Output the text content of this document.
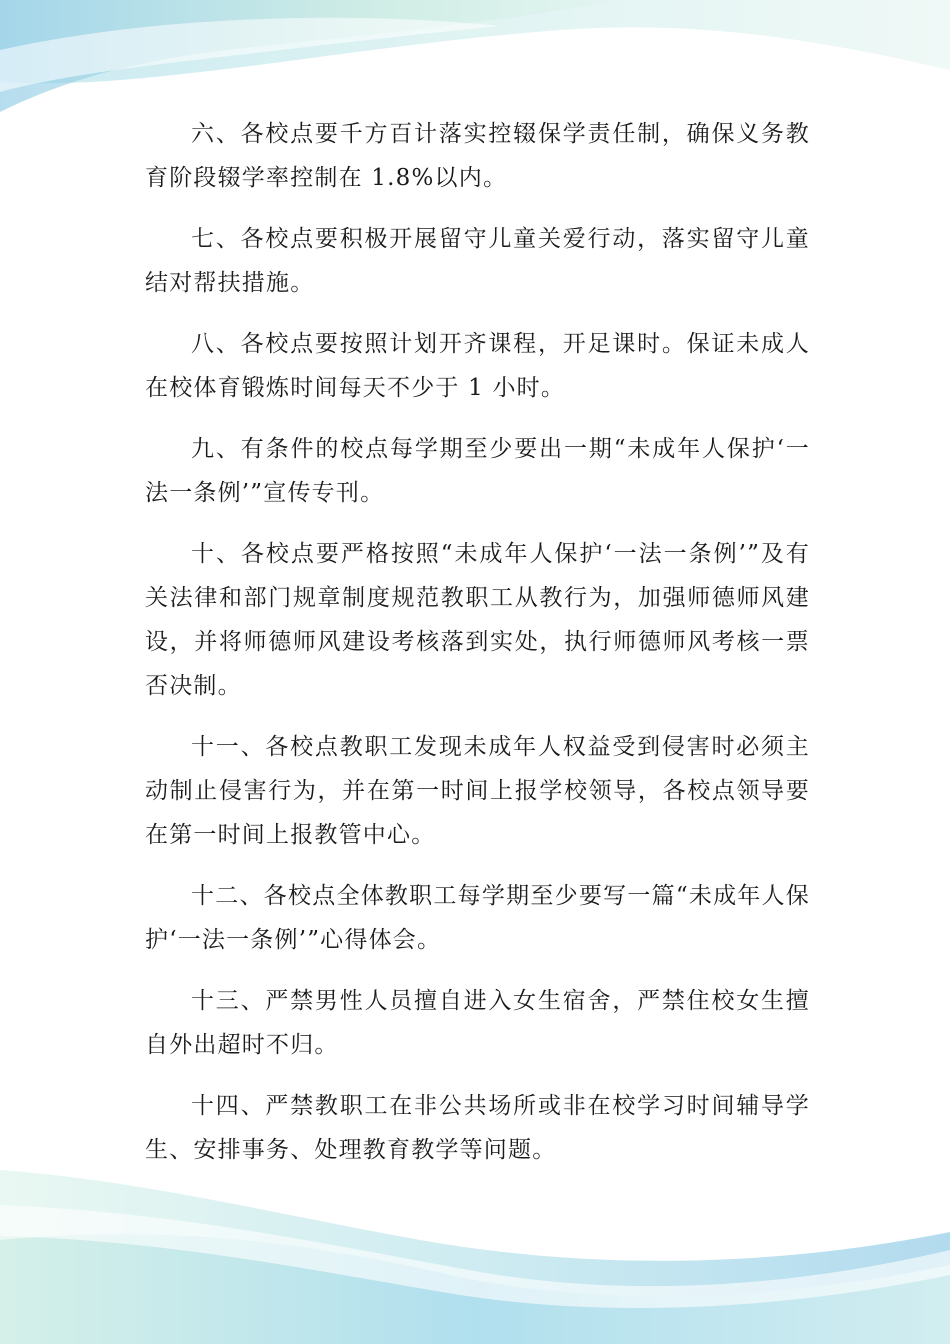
六、各校点要千方百计落实控辍保学责任制，确保义务教育阶段辍学率控制在 1.8%以内。

七、各校点要积极开展留守儿童关爱行动，落实留守儿童结对帮扶措施。

八、各校点要按照计划开齐课程，开足课时。保证未成人在校体育锻炼时间每天不少于 1 小时。

九、有条件的校点每学期至少要出一期“未成年人保护‘一法一条例’”宣传专刊。

十、各校点要严格按照“未成年人保护‘一法一条例’”及有关法律和部门规章制度规范教职工从教行为，加强师德师风建设，并将师德师风建设考核落到实处，执行师德师风考核一票否决制。

十一、各校点教职工发现未成年人权益受到侵害时必须主动制止侵害行为，并在第一时间上报学校领导，各校点领导要在第一时间上报教管中心。

十二、各校点全体教职工每学期至少要写一篇“未成年人保护‘一法一条例’”心得体会。

十三、严禁男性人员擅自进入女生宿舍，严禁住校女生擅自外出超时不归。

十四、严禁教职工在非公共场所或非在校学习时间辅导学生、安排事务、处理教育教学等问题。
